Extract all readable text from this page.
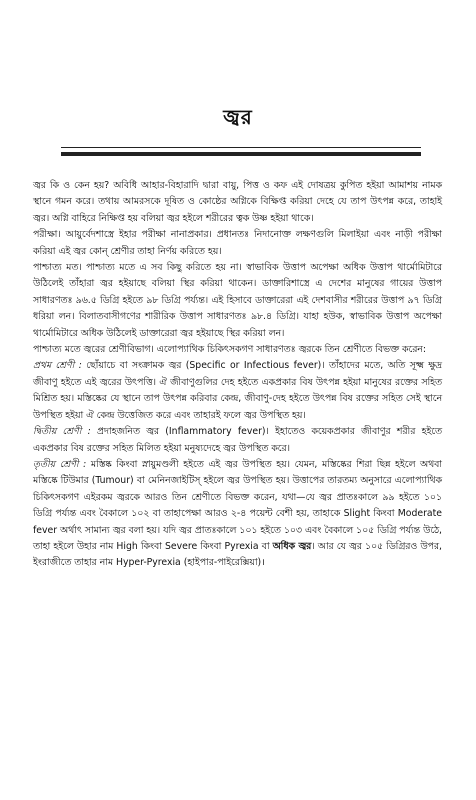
জ্বর

জ্বর কি ও কেন হয়? অবিধি আহার-বিহারাদি দ্বারা বায়ু, পিত্ত ও কফ এই দোষত্রয় কুপিত হইয়া আমাশয় নামক স্থানে গমন করে। তথায় আমরসকে দূষিত ও কোষ্ঠের অগ্নিকে বিক্ষিপ্ত করিয়া দেহে যে তাপ উৎপন্ন করে, তাহাই জ্বর। অগ্নি বাহিরে নিক্ষিপ্ত হয় বলিয়া জ্বর হইলে শরীরের ত্বক উষ্ণ হইয়া থাকে।

পরীক্ষা। আয়ুর্বেদশাস্ত্রে ইহার পরীক্ষা নানাপ্রকার। প্রধানতঃ নিদানোক্ত লক্ষণগুলি মিলাইয়া এবং নাড়ী পরীক্ষা করিয়া এই জ্বর কোন্ শ্রেণীর তাহা নির্ণয় করিতে হয়।

পাশ্চাত্য মত। পাশ্চাত্য মতে এ সব কিছু করিতে হয় না। স্বাভাবিক উত্তাপ অপেক্ষা অধিক উত্তাপ থার্মোমিটারে উঠিলেই তাঁহারা জ্বর হইয়াছে বলিয়া স্থির করিয়া থাকেন। ডাক্তারিশাস্ত্রে এ দেশের মানুষের গায়ের উত্তাপ সাধারণতঃ ৯৬.৫ ডিগ্রি হইতে ৯৮ ডিগ্রি পর্য্যন্ত। এই হিসাবে ডাক্তারেরা এই দেশবাসীর শরীরের উত্তাপ ৯৭ ডিগ্রি ধরিয়া লন। বিলাতবাসীগণের শারীরিক উত্তাপ সাধারণতঃ ৯৮.৪ ডিগ্রি। যাহা হউক, স্বাভাবিক উত্তাপ অপেক্ষা থার্মোমিটারে অধিক উঠিলেই ডাক্তারেরা জ্বর হইয়াছে স্থির করিয়া লন।

পাশ্চাত্য মতে জ্বরের শ্রেণীবিভাগ। এলোপ্যাথিক চিকিৎসকগণ সাধারণতঃ জ্বরকে তিন শ্রেণীতে বিভক্ত করেন:

প্রথম শ্রেণী : ছোঁয়াচে বা সংক্রামক জ্বর (Specific or Infectious fever)। তাঁহাদের মতে, অতি সূক্ষ্ম ক্ষুদ্র জীবাণু হইতে এই জ্বরের উৎপত্তি। ঐ জীবাণুগুলির দেহ হইতে একপ্রকার বিষ উৎপন্ন হইয়া মানুষের রক্তের সহিত মিশ্রিত হয়। মস্তিষ্কের যে স্থানে তাপ উৎপন্ন করিবার কেন্দ্র, জীবাণু-দেহ হইতে উৎপন্ন বিষ রক্তের সহিত সেই স্থানে উপস্থিত হইয়া ঐ কেন্দ্র উত্তেজিত করে এবং তাহারই ফলে জ্বর উপস্থিত হয়।

দ্বিতীয় শ্রেণী : প্রদাহজনিত জ্বর (Inflammatory fever)। ইহাতেও কয়েকপ্রকার জীবাণুর শরীর হইতে একপ্রকার বিষ রক্তের সহিত মিলিত হইয়া মনুষ্যদেহে জ্বর উপস্থিত করে।

তৃতীয় শ্রেণী : মস্তিষ্ক কিংবা স্নায়ুমণ্ডলী হইতে এই জ্বর উপস্থিত হয়। যেমন, মস্তিষ্কের শিরা ছিন্ন হইলে অথবা মস্তিষ্কে টিউমার (Tumour) বা মেনিনজাইটিস্ হইলে জ্বর উপস্থিত হয়। উত্তাপের তারতম্য অনুসারে এলোপ্যাথিক চিকিৎসকগণ এইরকম জ্বরকে আরও তিন শ্রেণীতে বিভক্ত করেন, যথা—যে জ্বর প্রাতঃকালে ৯৯ হইতে ১০১ ডিগ্রি পর্য্যন্ত এবং বৈকালে ১০২ বা তাহাপেক্ষা আরও ২-৪ পয়েন্ট বেশী হয়, তাহাকে Slight কিংবা Moderate fever অর্থাৎ সামান্য জ্বর বলা হয়। যদি জ্বর প্রাতঃকালে ১০১ হইতে ১০৩ এবং বৈকালে ১০৫ ডিগ্রি পর্য্যন্ত উঠে, তাহা হইলে উহার নাম High কিংবা Severe কিংবা Pyrexia বা অধিক জ্বর। আর যে জ্বর ১০৫ ডিগ্রিরও উপর, ইংরাজীতে তাহার নাম Hyper-Pyrexia (হাইপার-পাইরেক্সিয়া)।
